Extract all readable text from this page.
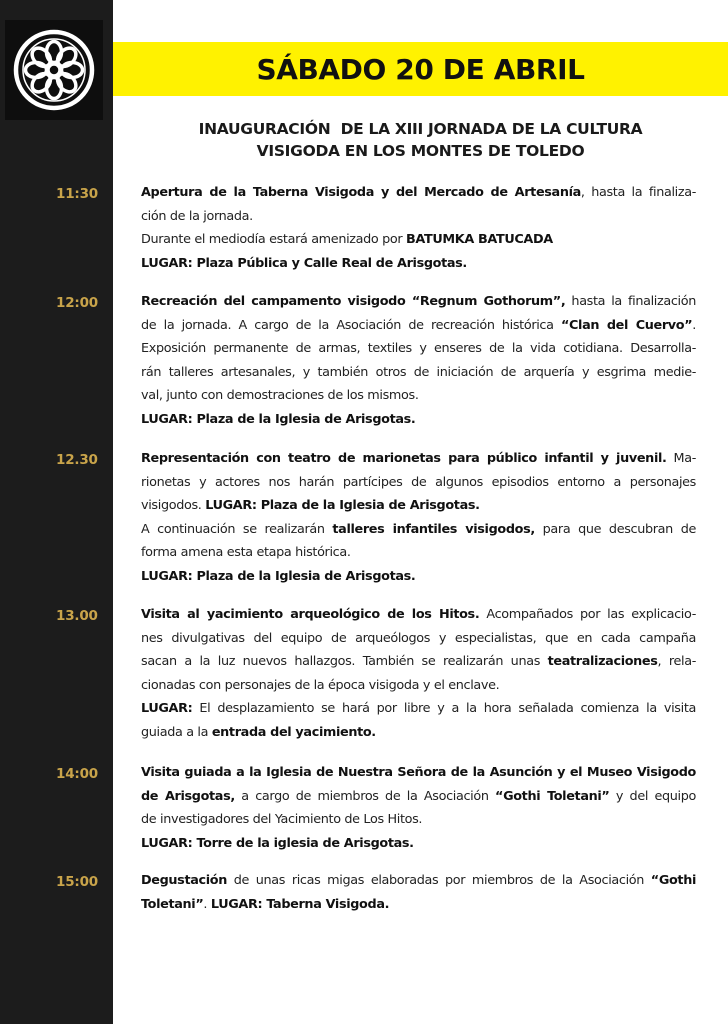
SÁBADO 20 DE ABRIL
INAUGURACIÓN  DE LA XIII JORNADA DE LA CULTURA
VISIGODA EN LOS MONTES DE TOLEDO
11:30	Apertura de la Taberna Visigoda y del Mercado de Artesanía, hasta la finaliza-
ción de la jornada.
Durante el mediodía estará amenizado por BATUMKA BATUCADA
LUGAR: Plaza Pública y Calle Real de Arisgotas.
12:00	Recreación del campamento visigodo “Regnum Gothorum”, hasta la finalización
de la jornada. A cargo de la Asociación de recreación histórica “Clan del Cuervo”.
Exposición permanente de armas, textiles y enseres de la vida cotidiana. Desarrolla-
rán talleres artesanales, y también otros de iniciación de arquería y esgrima medie-
val, junto con demostraciones de los mismos.
LUGAR: Plaza de la Iglesia de Arisgotas.
12.30	Representación con teatro de marionetas para público infantil y juvenil. Ma-
rionetas y actores nos harán partícipes de algunos episodios entorno a personajes
visigodos. LUGAR: Plaza de la Iglesia de Arisgotas.
A continuación se realizarán talleres infantiles visigodos, para que descubran de
forma amena esta etapa histórica.
LUGAR: Plaza de la Iglesia de Arisgotas.
13.00	Visita al yacimiento arqueológico de los Hitos. Acompañados por las explicacio-
nes divulgativas del equipo de arqueólogos y especialistas, que en cada campaña
sacan a la luz nuevos hallazgos. También se realizarán unas teatralizaciones, rela-
cionadas con personajes de la época visigoda y el enclave.
LUGAR: El desplazamiento se hará por libre y a la hora señalada comienza la visita
guiada a la entrada del yacimiento.
14:00	Visita guiada a la Iglesia de Nuestra Señora de la Asunción y el Museo Visigodo
de Arisgotas, a cargo de miembros de la Asociación “Gothi Toletani” y del equipo
de investigadores del Yacimiento de Los Hitos.
LUGAR: Torre de la iglesia de Arisgotas.
15:00	Degustación de unas ricas migas elaboradas por miembros de la Asociación “Gothi
Toletani”. LUGAR: Taberna Visigoda.
